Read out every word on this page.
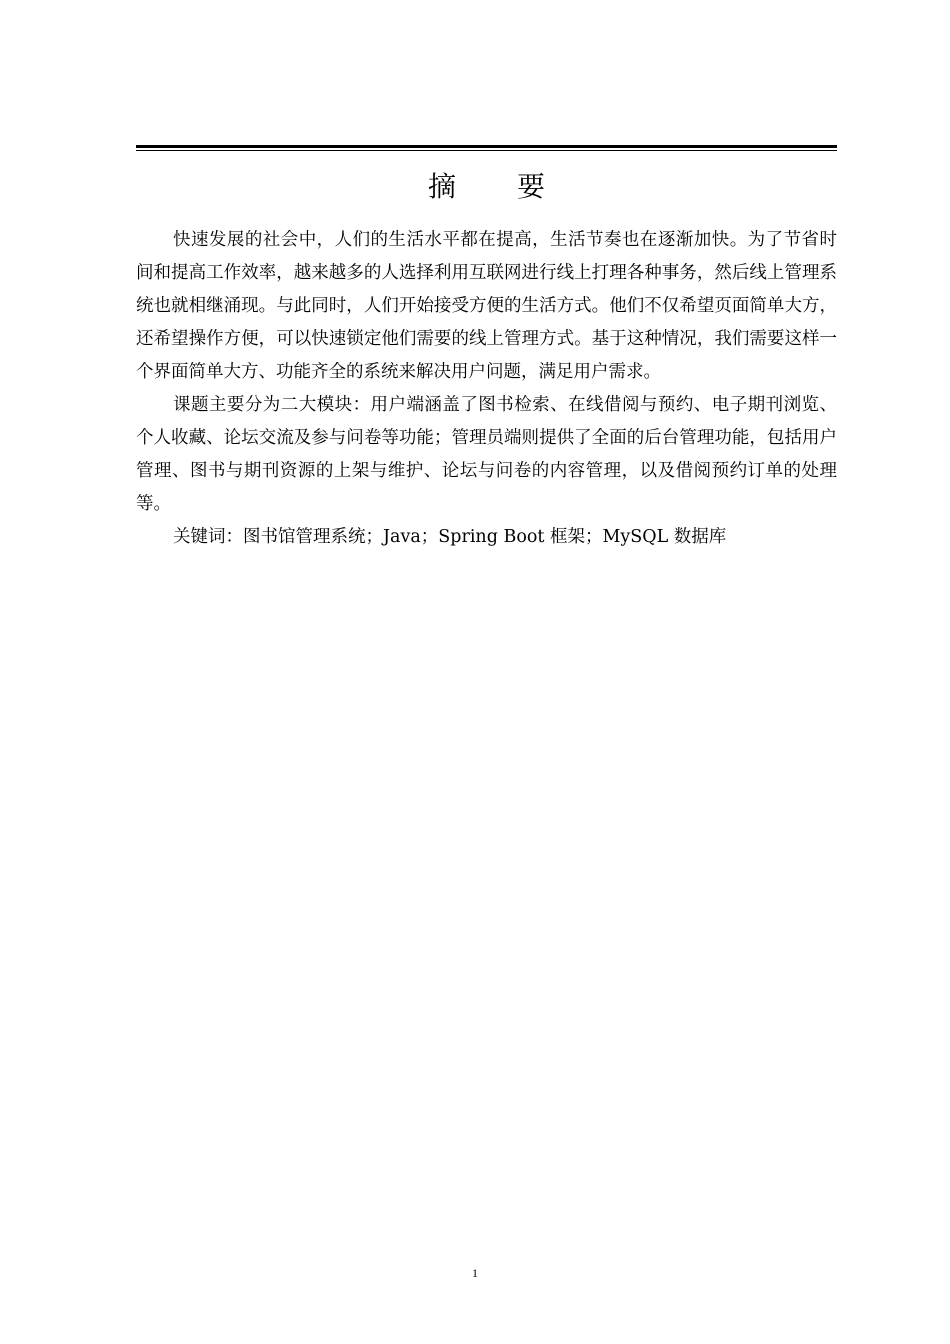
摘 要

快速发展的社会中，人们的生活水平都在提高，生活节奏也在逐渐加快。为了节省时间和提高工作效率，越来越多的人选择利用互联网进行线上打理各种事务，然后线上管理系统也就相继涌现。与此同时，人们开始接受方便的生活方式。他们不仅希望页面简单大方，还希望操作方便，可以快速锁定他们需要的线上管理方式。基于这种情况，我们需要这样一个界面简单大方、功能齐全的系统来解决用户问题，满足用户需求。

课题主要分为二大模块：用户端涵盖了图书检索、在线借阅与预约、电子期刊浏览、个人收藏、论坛交流及参与问卷等功能；管理员端则提供了全面的后台管理功能，包括用户管理、图书与期刊资源的上架与维护、论坛与问卷的内容管理，以及借阅预约订单的处理等。

关键词：图书馆管理系统；Java；Spring Boot 框架；MySQL 数据库

1
